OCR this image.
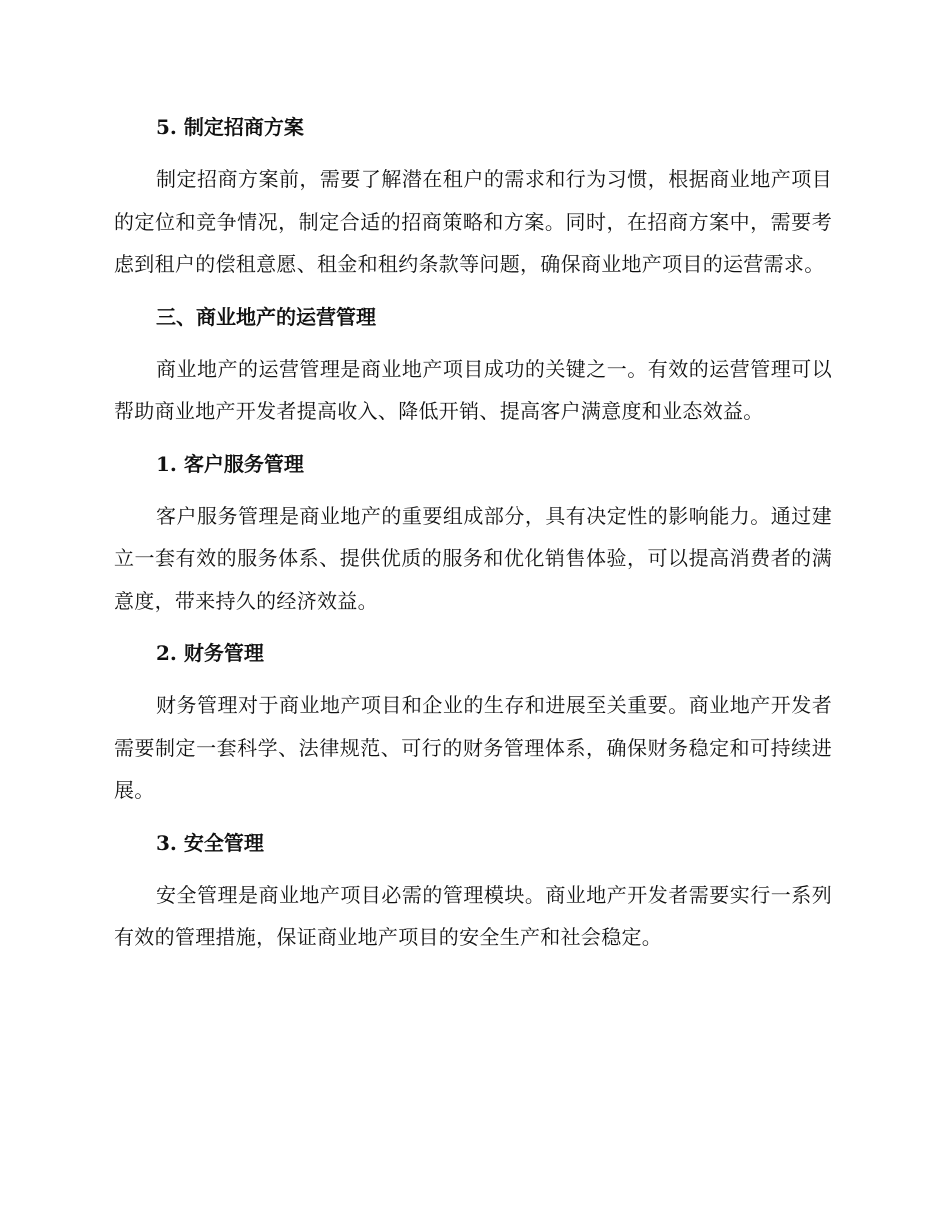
5. 制定招商方案

制定招商方案前，需要了解潜在租户的需求和行为习惯，根据商业地产项目的定位和竞争情况，制定合适的招商策略和方案。同时，在招商方案中，需要考虑到租户的偿租意愿、租金和租约条款等问题，确保商业地产项目的运营需求。

三、商业地产的运营管理

商业地产的运营管理是商业地产项目成功的关键之一。有效的运营管理可以帮助商业地产开发者提高收入、降低开销、提高客户满意度和业态效益。

1. 客户服务管理

客户服务管理是商业地产的重要组成部分，具有决定性的影响能力。通过建立一套有效的服务体系、提供优质的服务和优化销售体验，可以提高消费者的满意度，带来持久的经济效益。

2. 财务管理

财务管理对于商业地产项目和企业的生存和进展至关重要。商业地产开发者需要制定一套科学、法律规范、可行的财务管理体系，确保财务稳定和可持续进展。

3. 安全管理

安全管理是商业地产项目必需的管理模块。商业地产开发者需要实行一系列有效的管理措施，保证商业地产项目的安全生产和社会稳定。
